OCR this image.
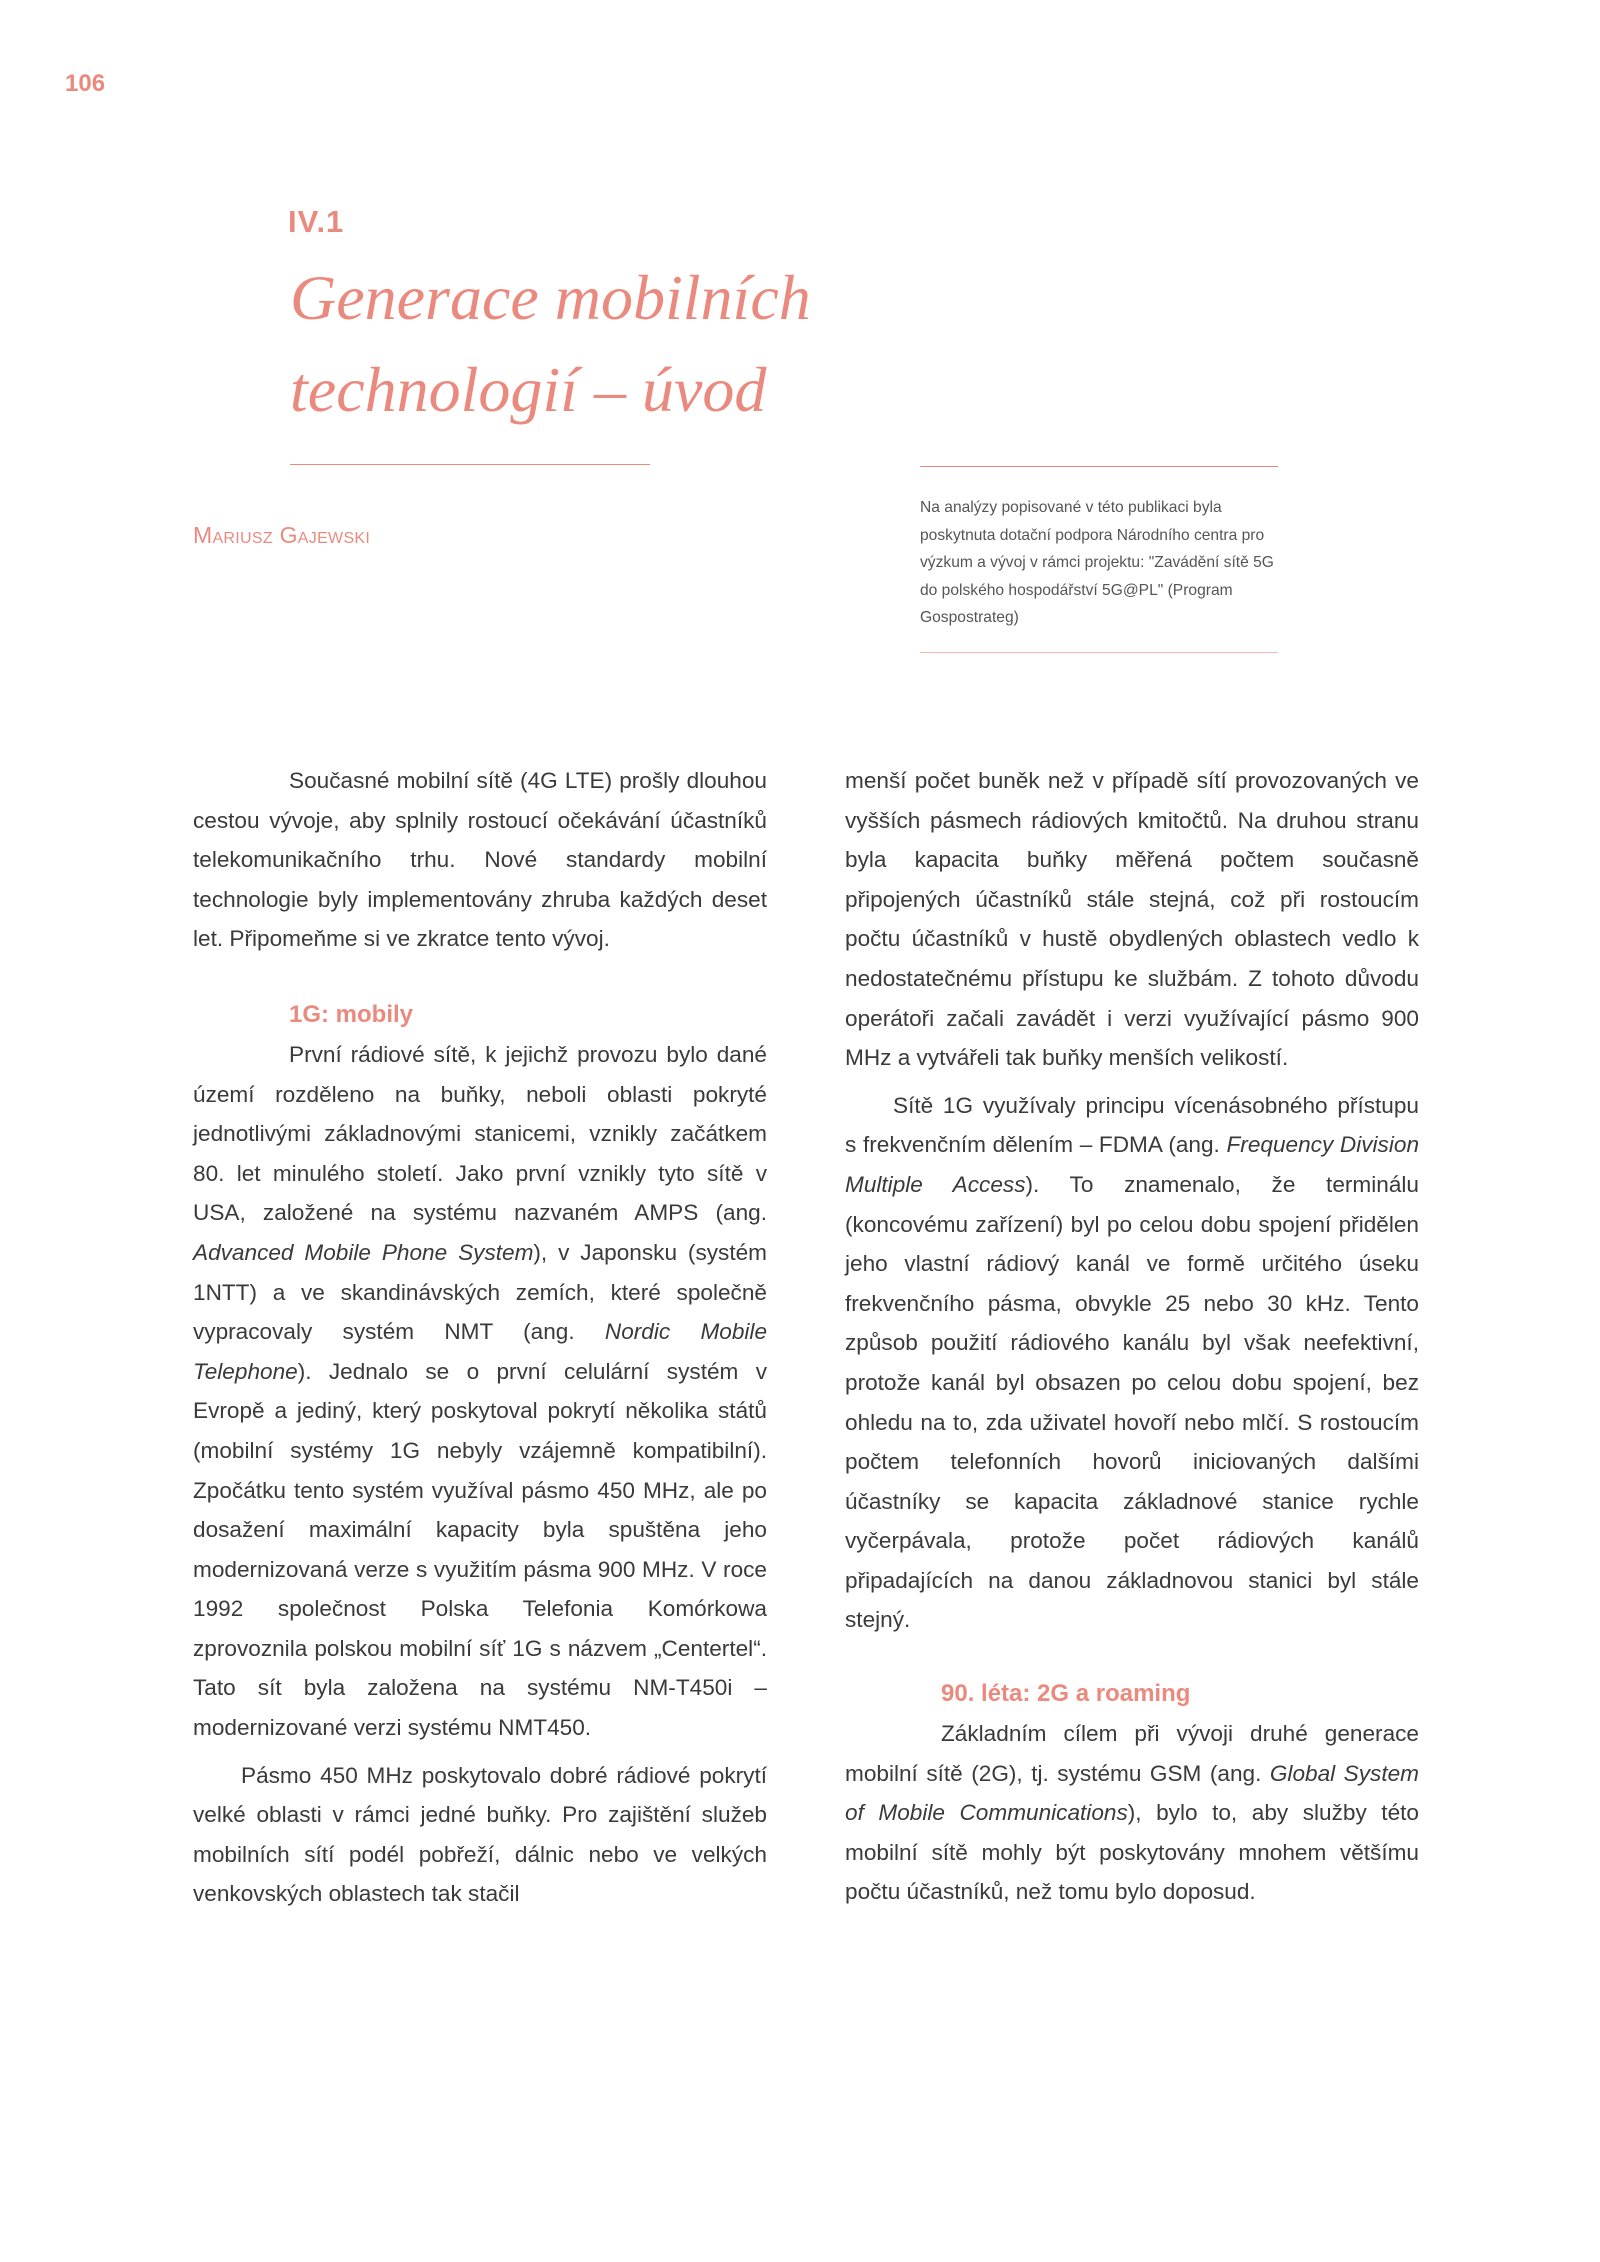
106
IV.1
Generace mobilních
technologií – úvod
Mariusz Gajewski
Na analýzy popisované v této publikaci byla poskytnuta dotační podpora Národního centra pro výzkum a vývoj v rámci projektu: "Zavádění sítě 5G do polského hospodářství 5G@PL" (Program Gospostrateg)

Současné mobilní sítě (4G LTE) prošly dlouhou cestou vývoje, aby splnily rostoucí očekávání účastníků telekomunikačního trhu. Nové standardy mobilní technologie byly implementovány zhruba každých deset let. Připomeňme si ve zkratce tento vývoj.

1G: mobily

První rádiové sítě, k jejichž provozu bylo dané území rozděleno na buňky, neboli oblasti pokryté jednotlivými základnovými stanicemi, vznikly začátkem 80. let minulého století. Jako první vznikly tyto sítě v USA, založené na systému nazvaném AMPS (ang. Advanced Mobile Phone System), v Japonsku (systém 1NTT) a ve skandinávských zemích, které společně vypracovaly systém NMT (ang. Nordic Mobile Telephone). Jednalo se o první celulární systém v Evropě a jediný, který poskytoval pokrytí několika států (mobilní systémy 1G nebyly vzájemně kompatibilní). Zpočátku tento systém využíval pásmo 450 MHz, ale po dosažení maximální kapacity byla spuštěna jeho modernizovaná verze s využitím pásma 900 MHz. V roce 1992 společnost Polska Telefonia Komórkowa zprovoznila polskou mobilní síť 1G s názvem „Centertel“. Tato sít byla založena na systému NM-T450i – modernizované verzi systému NMT450.

Pásmo 450 MHz poskytovalo dobré rádiové pokrytí velké oblasti v rámci jedné buňky. Pro zajištění služeb mobilních sítí podél pobřeží, dálnic nebo ve velkých venkovských oblastech tak stačil

menší počet buněk než v případě sítí provozovaných ve vyšších pásmech rádiových kmitočtů. Na druhou stranu byla kapacita buňky měřená počtem současně připojených účastníků stále stejná, což při rostoucím počtu účastníků v hustě obydlených oblastech vedlo k nedostatečnému přístupu ke službám. Z tohoto důvodu operátoři začali zavádět i verzi využívající pásmo 900 MHz a vytvářeli tak buňky menších velikostí.

Sítě 1G využívaly principu vícenásobného přístupu s frekvenčním dělením – FDMA (ang. Frequency Division Multiple Access). To znamenalo, že terminálu (koncovému zařízení) byl po celou dobu spojení přidělen jeho vlastní rádiový kanál ve formě určitého úseku frekvenčního pásma, obvykle 25 nebo 30 kHz. Tento způsob použití rádiového kanálu byl však neefektivní, protože kanál byl obsazen po celou dobu spojení, bez ohledu na to, zda uživatel hovoří nebo mlčí. S rostoucím počtem telefonních hovorů iniciovaných dalšími účastníky se kapacita základnové stanice rychle vyčerpávala, protože počet rádiových kanálů připadajících na danou základnovou stanici byl stále stejný.

90. léta: 2G a roaming

Základním cílem při vývoji druhé generace mobilní sítě (2G), tj. systému GSM (ang. Global System of Mobile Communications), bylo to, aby služby této mobilní sítě mohly být poskytovány mnohem většímu počtu účastníků, než tomu bylo doposud.
